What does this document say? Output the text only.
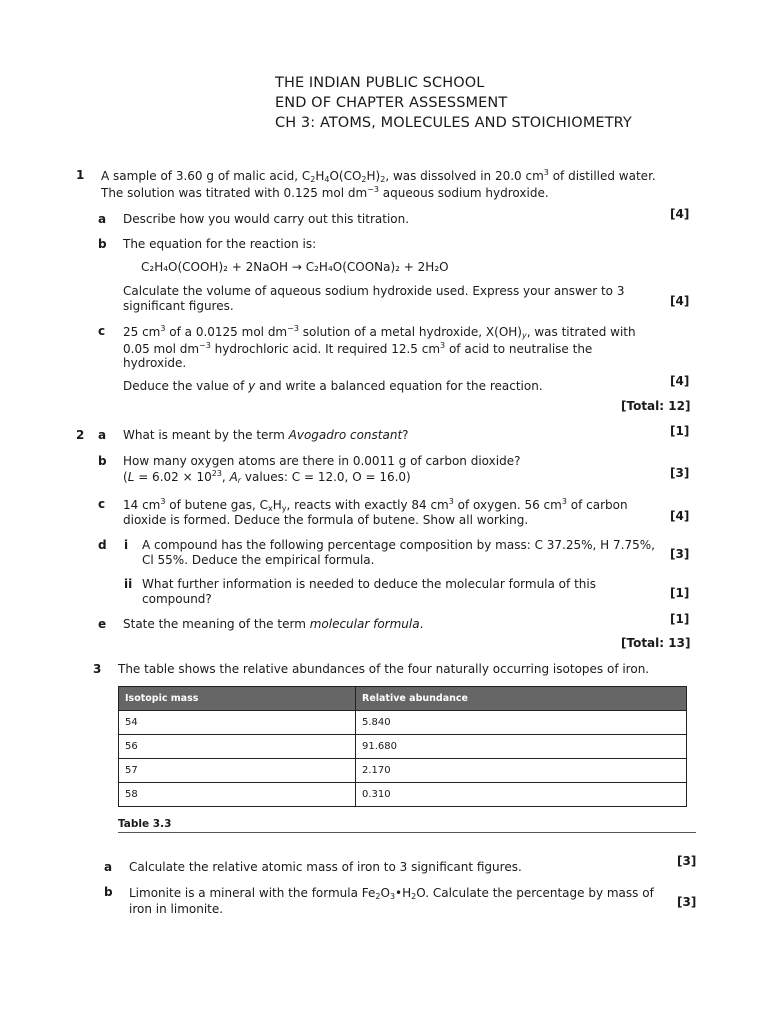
THE INDIAN PUBLIC SCHOOL
END OF CHAPTER ASSESSMENT
CH 3: ATOMS, MOLECULES AND STOICHIOMETRY
1 A sample of 3.60 g of malic acid, $C_2H_4O(CO_2H)_2$, was dissolved in 20.0 $cm^3$ of distilled water.
The solution was titrated with 0.125 mol $dm^{-3}$ aqueous sodium hydroxide.
a Describe how you would carry out this titration.	[4]
b The equation for the reaction is:
C₂H₄O(COOH)₂ + 2NaOH → C₂H₄O(COONa)₂ + 2H₂O
Calculate the volume of aqueous sodium hydroxide used. Express your answer to 3
significant figures.	[4]
c 25 $cm^3$ of a 0.0125 mol $dm^{-3}$ solution of a metal hydroxide, $X(OH)_y$, was titrated with
0.05 mol $dm^{-3}$ hydrochloric acid. It required 12.5 $cm^3$ of acid to neutralise the
hydroxide.
Deduce the value of y and write a balanced equation for the reaction.	[4]
[Total: 12]
2 a What is meant by the term Avogadro constant?	[1]
b How many oxygen atoms are there in 0.0011 g of carbon dioxide?
($L = 6.02 \times 10^{23}$, $A_r$ values: C = 12.0, O = 16.0)	[3]
c 14 $cm^3$ of butene gas, $C_xH_y$, reacts with exactly 84 $cm^3$ of oxygen. 56 $cm^3$ of carbon
dioxide is formed. Deduce the formula of butene. Show all working.	[4]
d i A compound has the following percentage composition by mass: C 37.25%, H 7.75%,
Cl 55%. Deduce the empirical formula.	[3]
ii What further information is needed to deduce the molecular formula of this
compound?	[1]
e State the meaning of the term molecular formula.	[1]
[Total: 13]
3 The table shows the relative abundances of the four naturally occurring isotopes of iron.
Isotopic mass	Relative abundance
54	5.840
56	91.680
57	2.170
58	0.310
Table 3.3
a Calculate the relative atomic mass of iron to 3 significant figures.	[3]
b Limonite is a mineral with the formula $Fe_2O_3•H_2O$. Calculate the percentage by mass of
iron in limonite.	[3]
